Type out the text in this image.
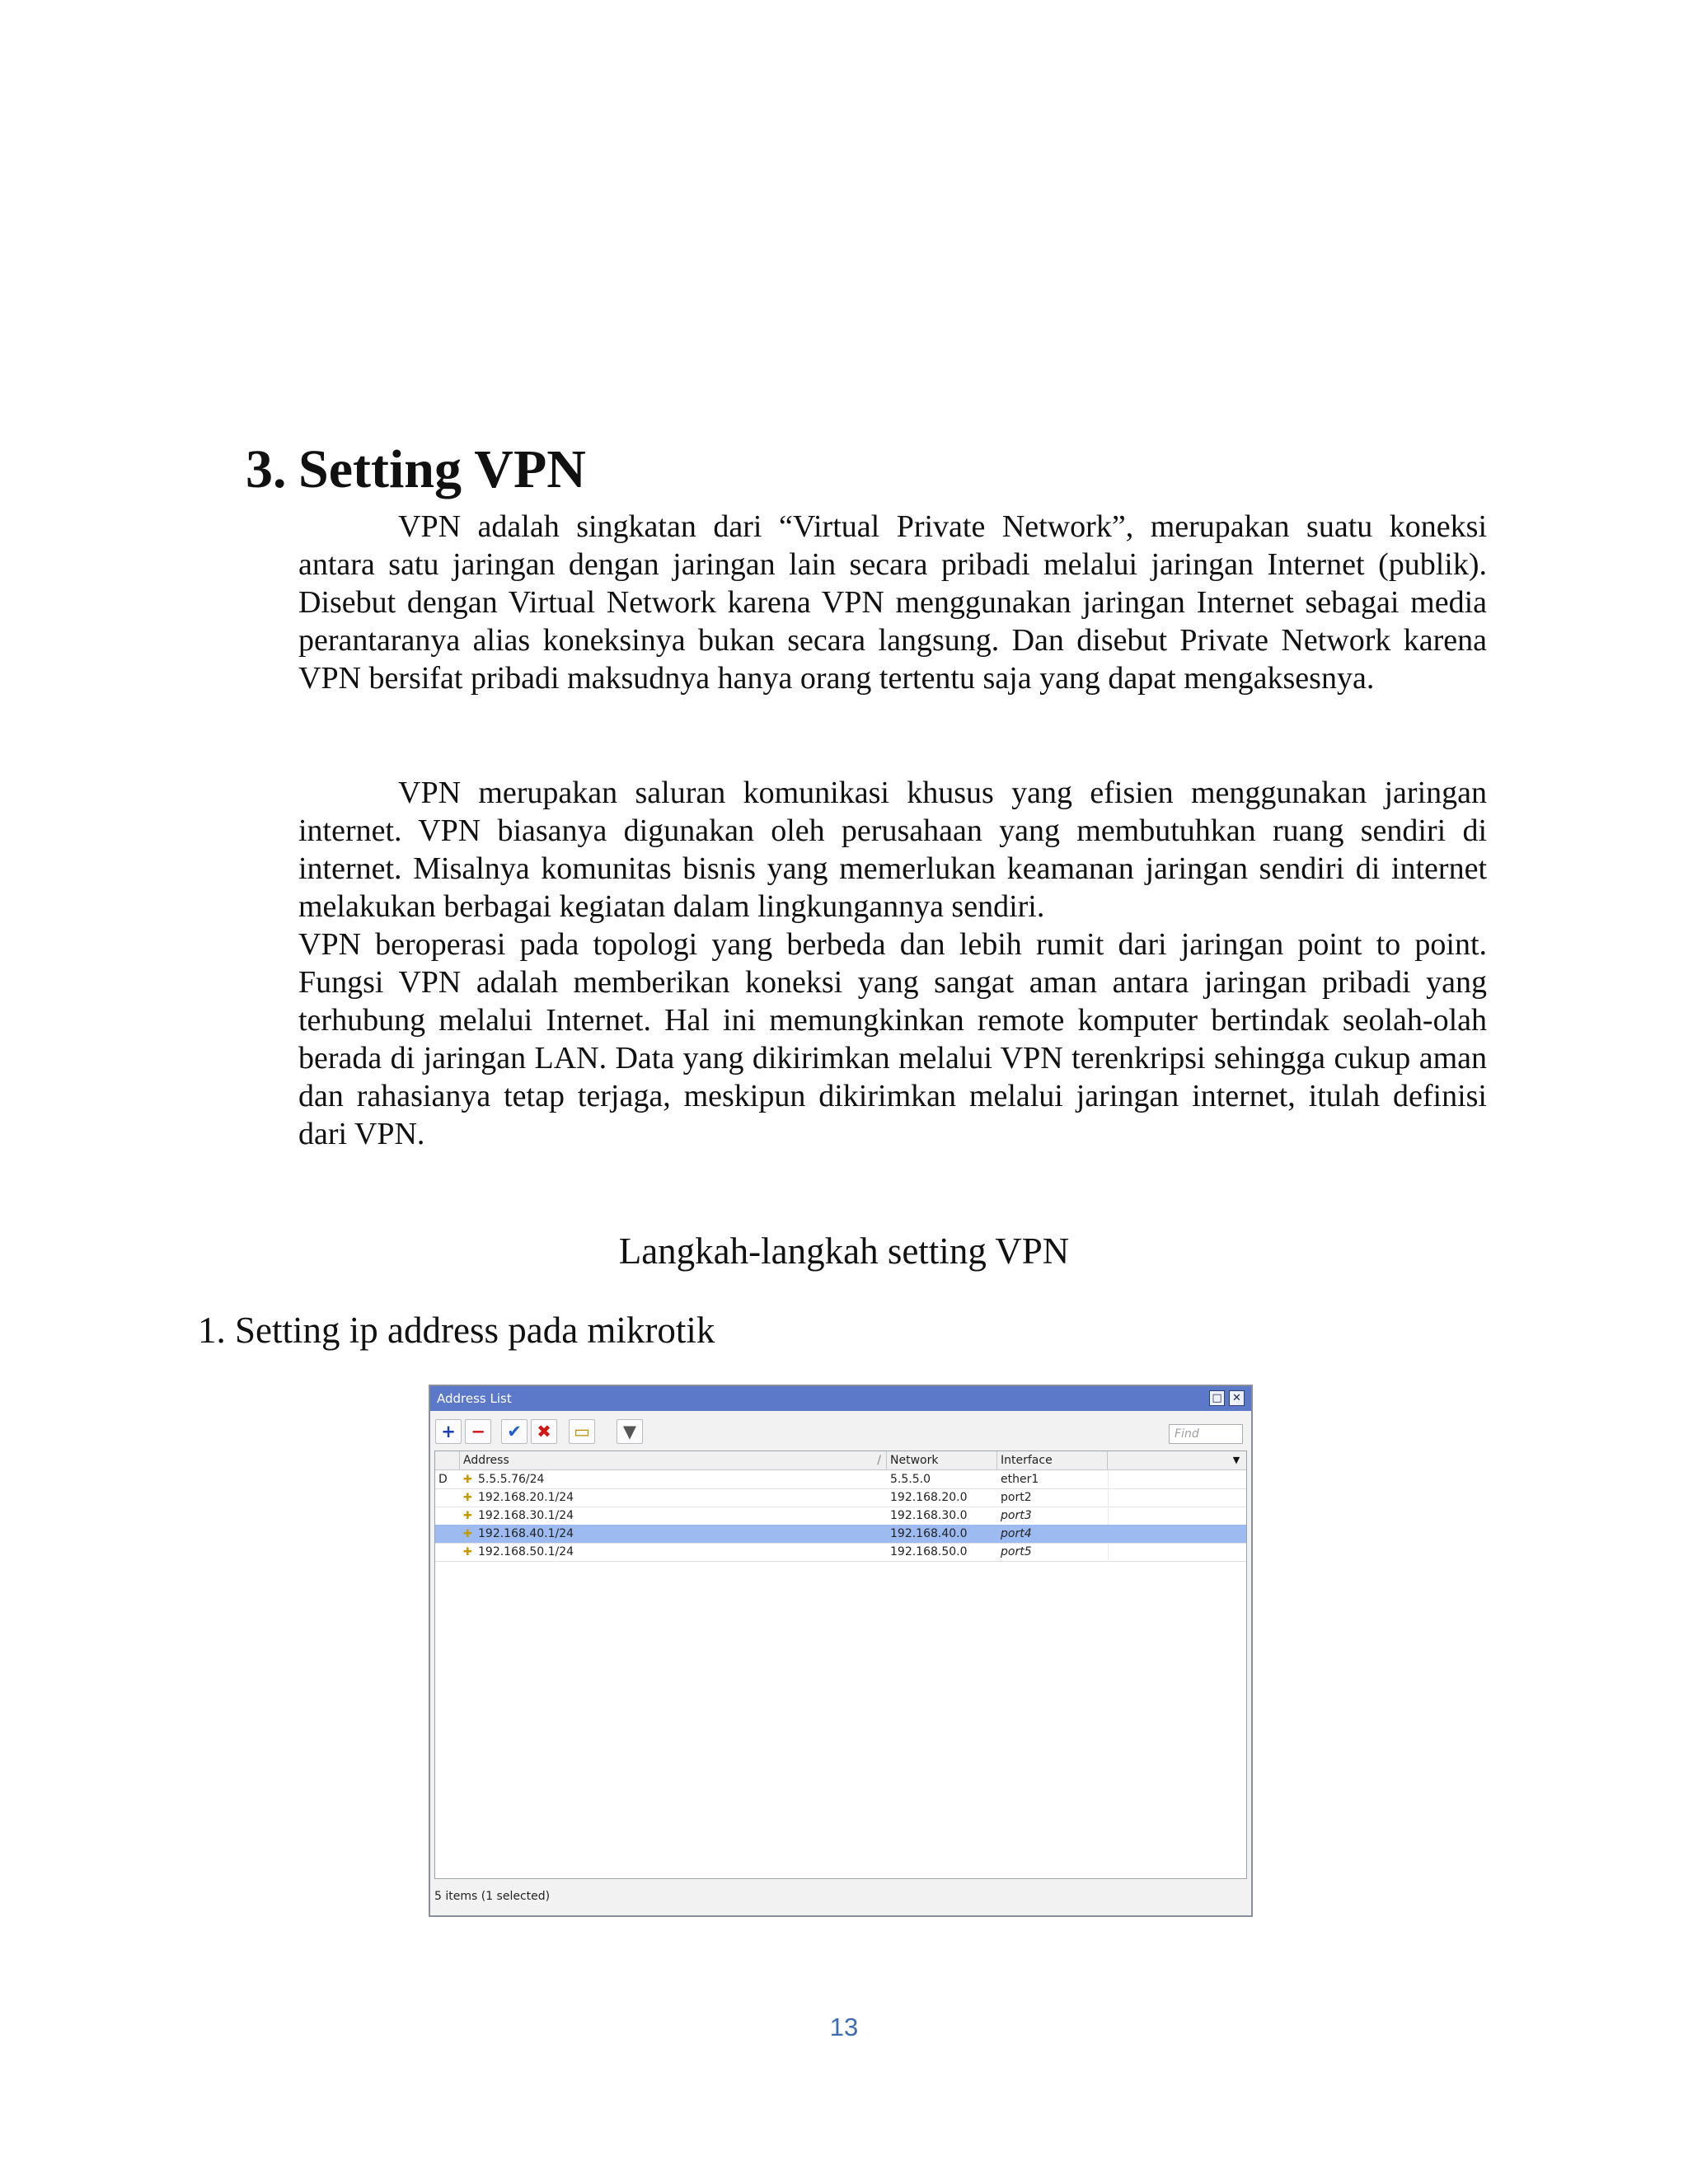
3. Setting VPN

VPN adalah singkatan dari “Virtual Private Network”, merupakan suatu koneksi antara satu jaringan dengan jaringan lain secara pribadi melalui jaringan Internet (publik). Disebut dengan Virtual Network karena VPN menggunakan jaringan Internet sebagai media perantaranya alias koneksinya bukan secara langsung. Dan disebut Private Network karena VPN bersifat pribadi maksudnya hanya orang tertentu saja yang dapat mengaksesnya.

VPN merupakan saluran komunikasi khusus yang efisien menggunakan jaringan internet. VPN biasanya digunakan oleh perusahaan yang membutuhkan ruang sendiri di internet. Misalnya komunitas bisnis yang memerlukan keamanan jaringan sendiri di internet melakukan berbagai kegiatan dalam lingkungannya sendiri.

VPN beroperasi pada topologi yang berbeda dan lebih rumit dari jaringan point to point. Fungsi VPN adalah memberikan koneksi yang sangat aman antara jaringan pribadi yang terhubung melalui Internet. Hal ini memungkinkan remote komputer bertindak seolah-olah berada di jaringan LAN. Data yang dikirimkan melalui VPN terenkripsi sehingga cukup aman dan rahasianya tetap terjaga, meskipun dikirimkan melalui jaringan internet, itulah definisi dari VPN.

Langkah-langkah setting VPN

1. Setting ip address pada mikrotik

Address List	□ ✕
+ −	✔ ✖	▭	▼
Find
Address	/ Network	Interface	▼
D	✚ 5.5.5.76/24	5.5.5.0	ether1
✚ 192.168.20.1/24	192.168.20.0	port2
✚ 192.168.30.1/24	192.168.30.0	port3
✚ 192.168.40.1/24	192.168.40.0	port4
✚ 192.168.50.1/24	192.168.50.0	port5
5 items (1 selected)
13
